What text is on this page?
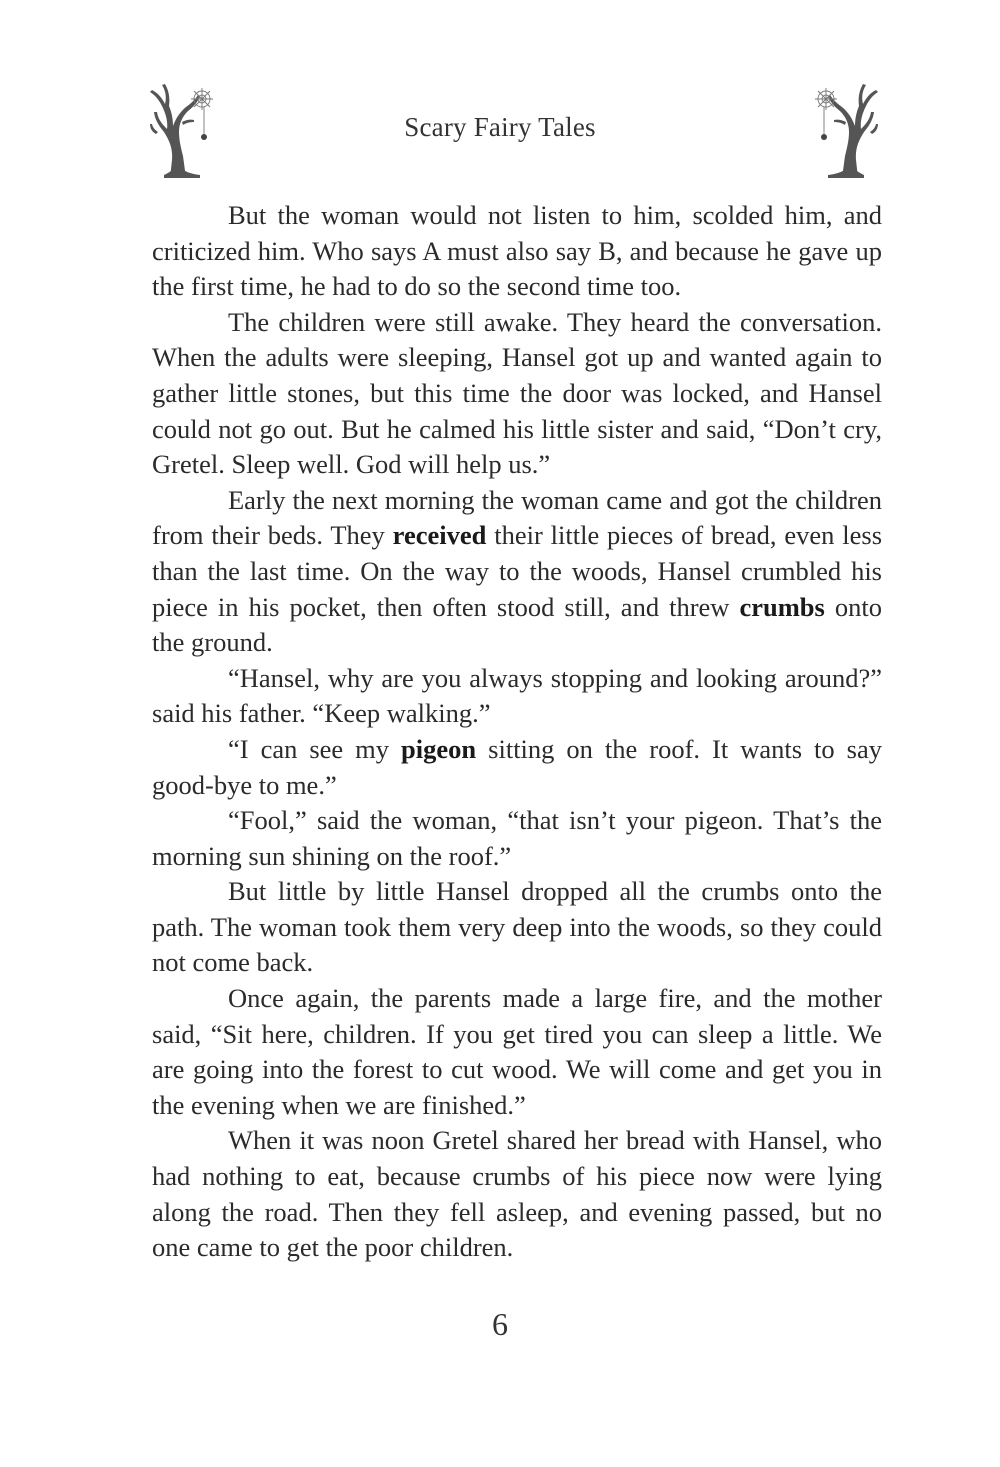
Scary Fairy Tales

But the woman would not listen to him, scolded him, and criticized him. Who says A must also say B, and because he gave up the first time, he had to do so the second time too.

The children were still awake. They heard the conversation. When the adults were sleeping, Hansel got up and wanted again to gather little stones, but this time the door was locked, and Hansel could not go out. But he calmed his little sister and said, “Don’t cry, Gretel. Sleep well. God will help us.”

Early the next morning the woman came and got the children from their beds. They received their little pieces of bread, even less than the last time. On the way to the woods, Hansel crumbled his piece in his pocket, then often stood still, and threw crumbs onto the ground.

“Hansel, why are you always stopping and looking around?” said his father. “Keep walking.”

“I can see my pigeon sitting on the roof. It wants to say good-bye to me.”

“Fool,” said the woman, “that isn’t your pigeon. That’s the morning sun shining on the roof.”

But little by little Hansel dropped all the crumbs onto the path. The woman took them very deep into the woods, so they could not come back.

Once again, the parents made a large fire, and the mother said, “Sit here, children. If you get tired you can sleep a little. We are going into the forest to cut wood. We will come and get you in the evening when we are finished.”

When it was noon Gretel shared her bread with Hansel, who had nothing to eat, because crumbs of his piece now were lying along the road. Then they fell asleep, and evening passed, but no one came to get the poor children.

6
